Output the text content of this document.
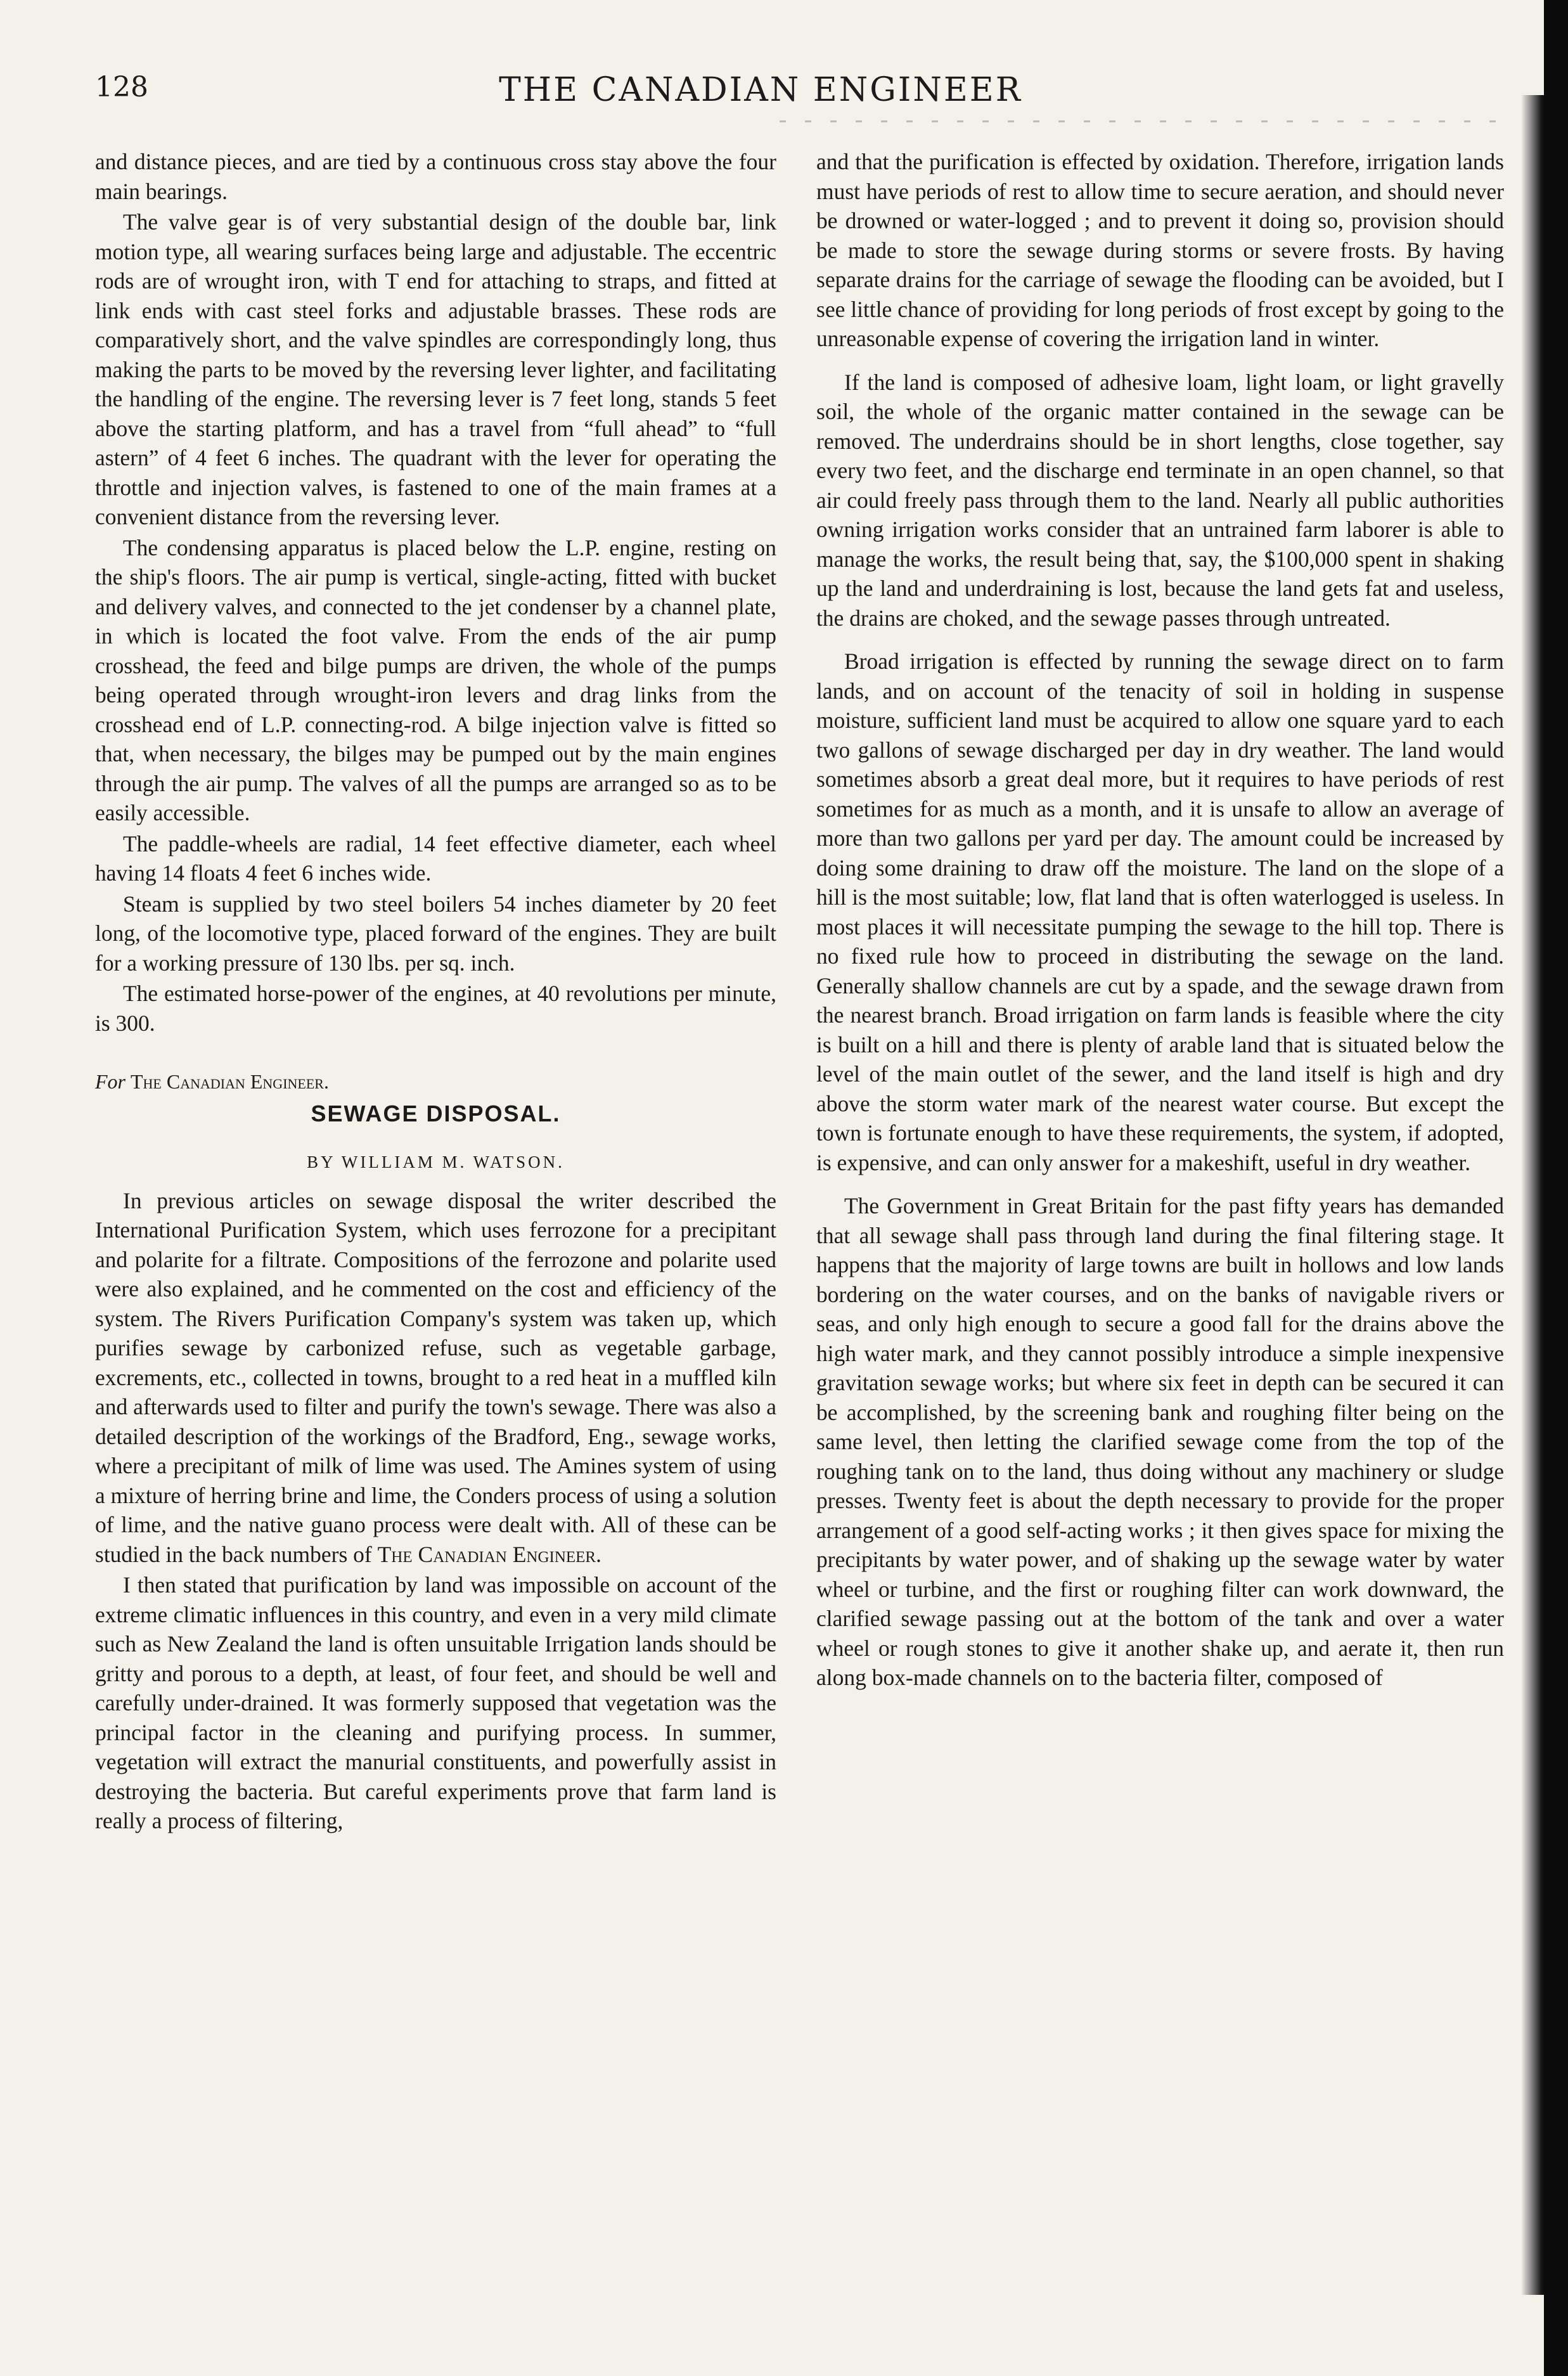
128	THE CANADIAN ENGINEER

and distance pieces, and are tied by a continuous cross stay above the four main bearings.

The valve gear is of very substantial design of the double bar, link motion type, all wearing surfaces being large and adjustable. The eccentric rods are of wrought iron, with T end for attaching to straps, and fitted at link ends with cast steel forks and adjustable brasses. These rods are comparatively short, and the valve spindles are correspondingly long, thus making the parts to be moved by the reversing lever lighter, and facilitating the handling of the engine. The reversing lever is 7 feet long, stands 5 feet above the starting platform, and has a travel from “full ahead” to “full astern” of 4 feet 6 inches. The quadrant with the lever for operating the throttle and injection valves, is fastened to one of the main frames at a convenient distance from the reversing lever.

The condensing apparatus is placed below the L.P. engine, resting on the ship's floors. The air pump is vertical, single-acting, fitted with bucket and delivery valves, and connected to the jet condenser by a channel plate, in which is located the foot valve. From the ends of the air pump crosshead, the feed and bilge pumps are driven, the whole of the pumps being operated through wrought-iron levers and drag links from the crosshead end of L.P. connecting-rod. A bilge injection valve is fitted so that, when necessary, the bilges may be pumped out by the main engines through the air pump. The valves of all the pumps are arranged so as to be easily accessible.

The paddle-wheels are radial, 14 feet effective diameter, each wheel having 14 floats 4 feet 6 inches wide.

Steam is supplied by two steel boilers 54 inches diameter by 20 feet long, of the locomotive type, placed forward of the engines. They are built for a working pressure of 130 lbs. per sq. inch.

The estimated horse-power of the engines, at 40 revolutions per minute, is 300.

For The Canadian Engineer.

SEWAGE DISPOSAL.

BY WILLIAM M. WATSON.

In previous articles on sewage disposal the writer described the International Purification System, which uses ferrozone for a precipitant and polarite for a filtrate. Compositions of the ferrozone and polarite used were also explained, and he commented on the cost and efficiency of the system. The Rivers Purification Company's system was taken up, which purifies sewage by carbonized refuse, such as vegetable garbage, excrements, etc., collected in towns, brought to a red heat in a muffled kiln and afterwards used to filter and purify the town's sewage. There was also a detailed description of the workings of the Bradford, Eng., sewage works, where a precipitant of milk of lime was used. The Amines system of using a mixture of herring brine and lime, the Conders process of using a solution of lime, and the native guano process were dealt with. All of these can be studied in the back numbers of The Canadian Engineer.

I then stated that purification by land was impossible on account of the extreme climatic influences in this country, and even in a very mild climate such as New Zealand the land is often unsuitable Irrigation lands should be gritty and porous to a depth, at least, of four feet, and should be well and carefully under-drained. It was formerly supposed that vegetation was the principal factor in the cleaning and purifying process. In summer, vegetation will extract the manurial constituents, and powerfully assist in destroying the bacteria. But careful experiments prove that farm land is really a process of filtering,

and that the purification is effected by oxidation. Therefore, irrigation lands must have periods of rest to allow time to secure aeration, and should never be drowned or water-logged ; and to prevent it doing so, provision should be made to store the sewage during storms or severe frosts. By having separate drains for the carriage of sewage the flooding can be avoided, but I see little chance of providing for long periods of frost except by going to the unreasonable expense of covering the irrigation land in winter.

If the land is composed of adhesive loam, light loam, or light gravelly soil, the whole of the organic matter contained in the sewage can be removed. The underdrains should be in short lengths, close together, say every two feet, and the discharge end terminate in an open channel, so that air could freely pass through them to the land. Nearly all public authorities owning irrigation works consider that an untrained farm laborer is able to manage the works, the result being that, say, the $100,000 spent in shaking up the land and underdraining is lost, because the land gets fat and useless, the drains are choked, and the sewage passes through untreated.

Broad irrigation is effected by running the sewage direct on to farm lands, and on account of the tenacity of soil in holding in suspense moisture, sufficient land must be acquired to allow one square yard to each two gallons of sewage discharged per day in dry weather. The land would sometimes absorb a great deal more, but it requires to have periods of rest sometimes for as much as a month, and it is unsafe to allow an average of more than two gallons per yard per day. The amount could be increased by doing some draining to draw off the moisture. The land on the slope of a hill is the most suitable; low, flat land that is often waterlogged is useless. In most places it will necessitate pumping the sewage to the hill top. There is no fixed rule how to proceed in distributing the sewage on the land. Generally shallow channels are cut by a spade, and the sewage drawn from the nearest branch. Broad irrigation on farm lands is feasible where the city is built on a hill and there is plenty of arable land that is situated below the level of the main outlet of the sewer, and the land itself is high and dry above the storm water mark of the nearest water course. But except the town is fortunate enough to have these requirements, the system, if adopted, is expensive, and can only answer for a makeshift, useful in dry weather.

The Government in Great Britain for the past fifty years has demanded that all sewage shall pass through land during the final filtering stage. It happens that the majority of large towns are built in hollows and low lands bordering on the water courses, and on the banks of navigable rivers or seas, and only high enough to secure a good fall for the drains above the high water mark, and they cannot possibly introduce a simple inexpensive gravitation sewage works; but where six feet in depth can be secured it can be accomplished, by the screening bank and roughing filter being on the same level, then letting the clarified sewage come from the top of the roughing tank on to the land, thus doing without any machinery or sludge presses. Twenty feet is about the depth necessary to provide for the proper arrangement of a good self-acting works ; it then gives space for mixing the precipitants by water power, and of shaking up the sewage water by water wheel or turbine, and the first or roughing filter can work downward, the clarified sewage passing out at the bottom of the tank and over a water wheel or rough stones to give it another shake up, and aerate it, then run along box-made channels on to the bacteria filter, composed of
